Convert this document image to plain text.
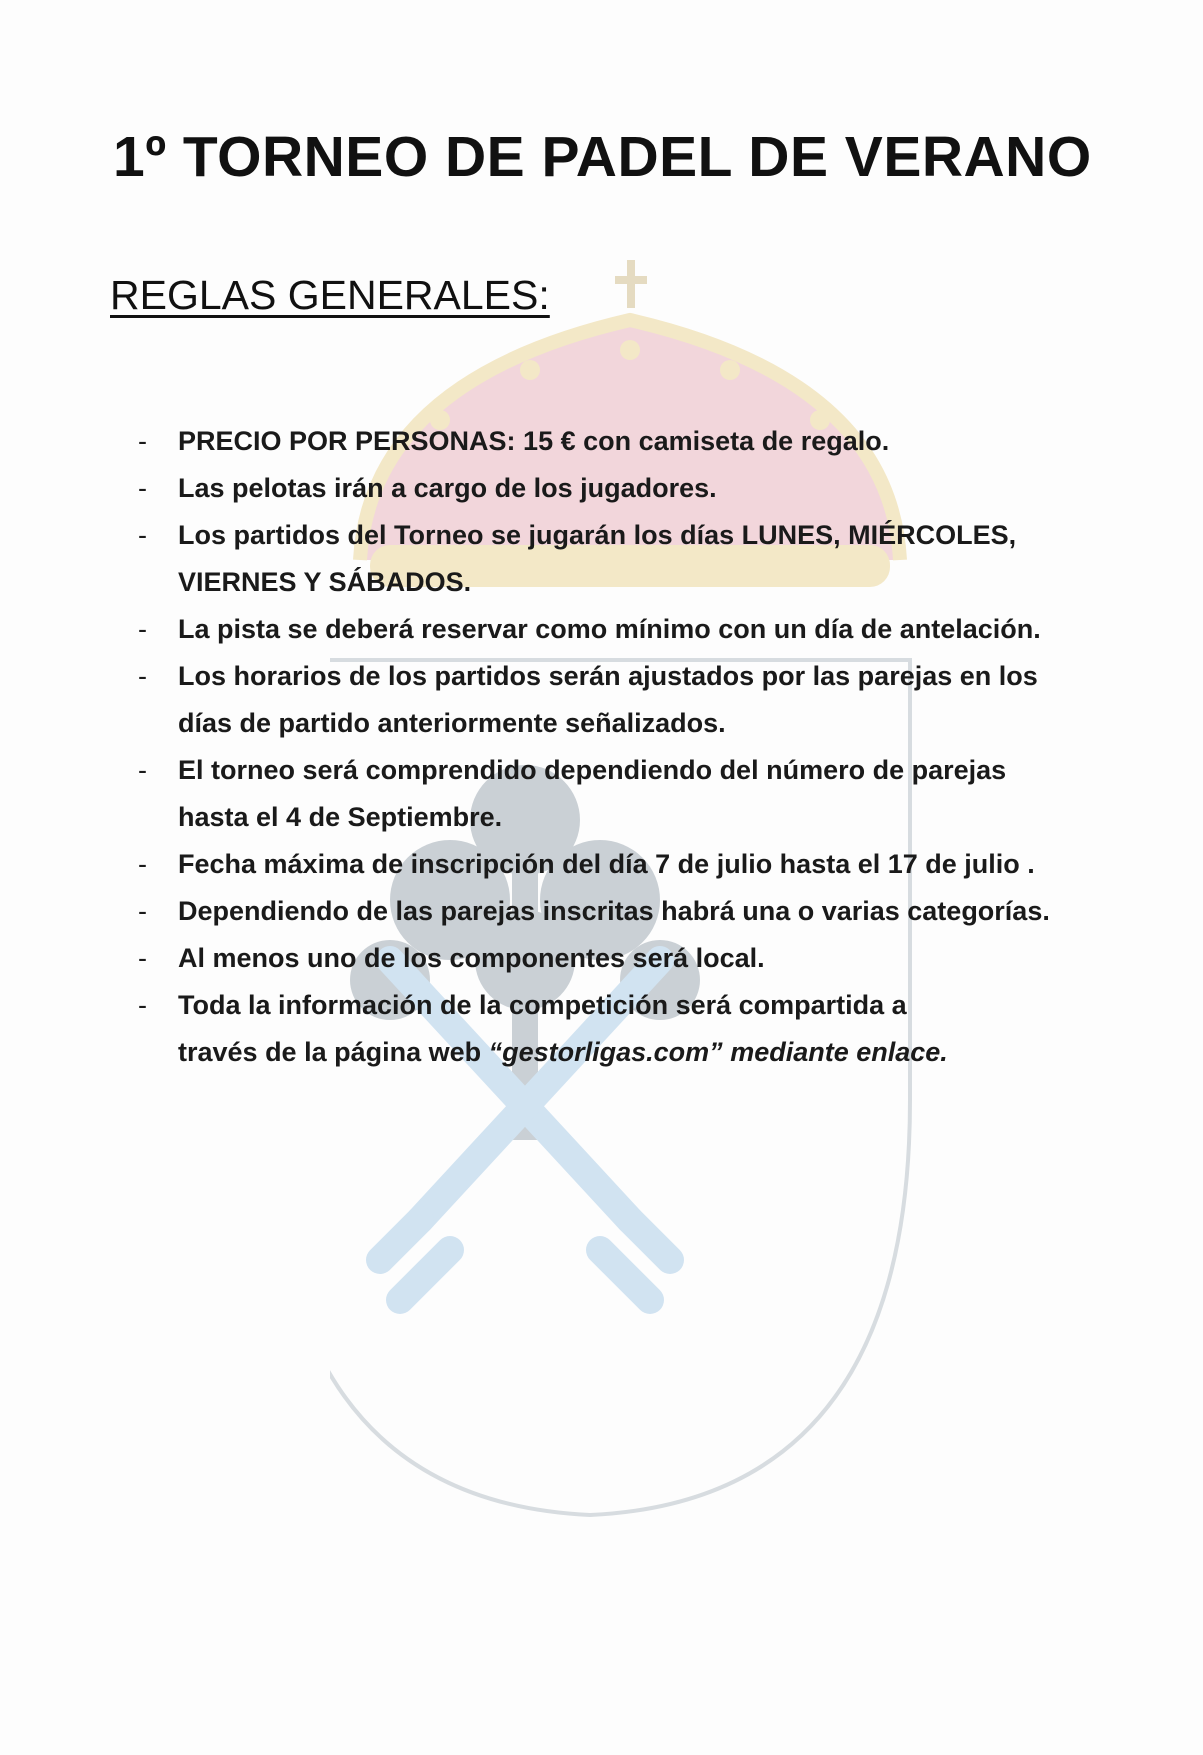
1º TORNEO DE PADEL DE VERANO
REGLAS GENERALES:
- PRECIO POR PERSONAS: 15 € con camiseta de regalo.
- Las pelotas irán a cargo de los jugadores.
- Los partidos del Torneo se jugarán los días LUNES, MIÉRCOLES, VIERNES Y SÁBADOS.
- La pista se deberá reservar como mínimo con un día de antelación.
- Los horarios de los partidos serán ajustados por las parejas en los días de partido anteriormente señalizados.
- El torneo será comprendido dependiendo del número de parejas hasta el 4 de Septiembre.
- Fecha máxima de inscripción del día 7 de julio hasta el 17 de julio .
- Dependiendo de las parejas inscritas habrá una o varias categorías.
- Al menos uno de los componentes será local.
- Toda la información de la competición será compartida a
través de la página web “gestorligas.com” mediante enlace.
